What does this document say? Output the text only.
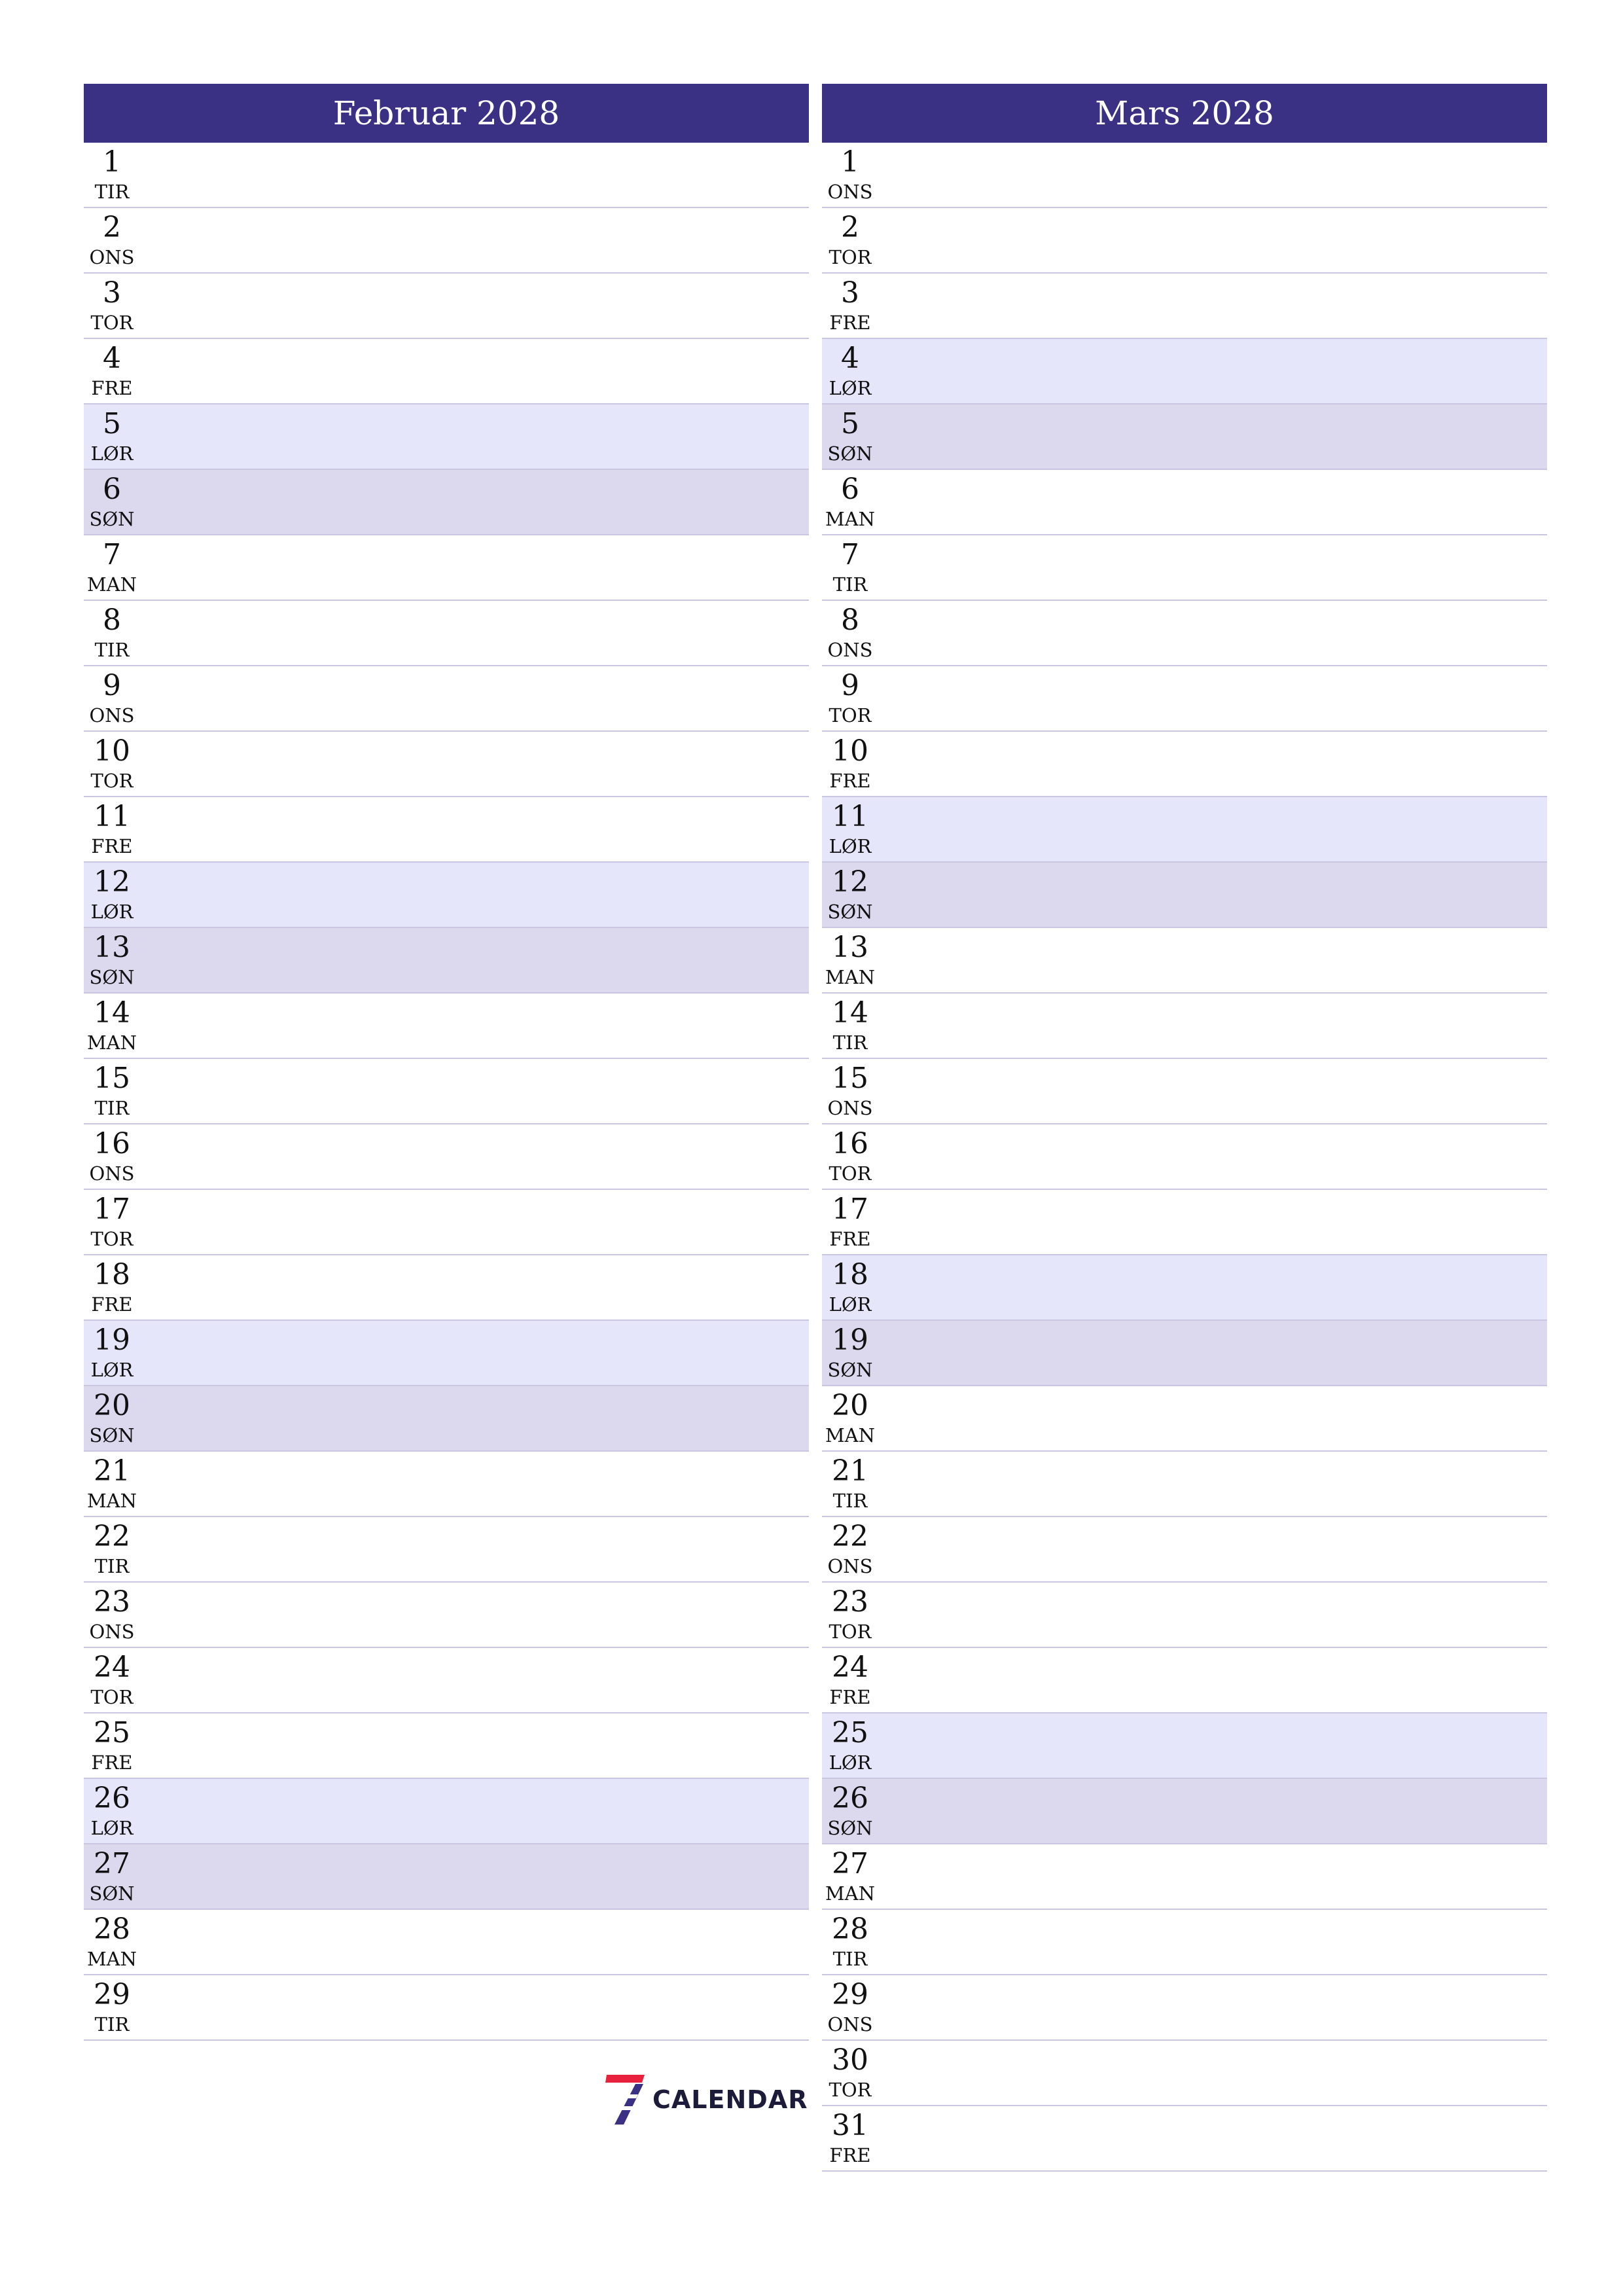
Februar 2028
1
TIR
2
ONS
3
TOR
4
FRE
5
LØR
6
SØN
7
MAN
8
TIR
9
ONS
10
TOR
11
FRE
12
LØR
13
SØN
14
MAN
15
TIR
16
ONS
17
TOR
18
FRE
19
LØR
20
SØN
21
MAN
22
TIR
23
ONS
24
TOR
25
FRE
26
LØR
27
SØN
28
MAN
29
TIR
Mars 2028
1
ONS
2
TOR
3
FRE
4
LØR
5
SØN
6
MAN
7
TIR
8
ONS
9
TOR
10
FRE
11
LØR
12
SØN
13
MAN
14
TIR
15
ONS
16
TOR
17
FRE
18
LØR
19
SØN
20
MAN
21
TIR
22
ONS
23
TOR
24
FRE
25
LØR
26
SØN
27
MAN
28
TIR
29
ONS
30
TOR
31
FRE
CALENDAR
